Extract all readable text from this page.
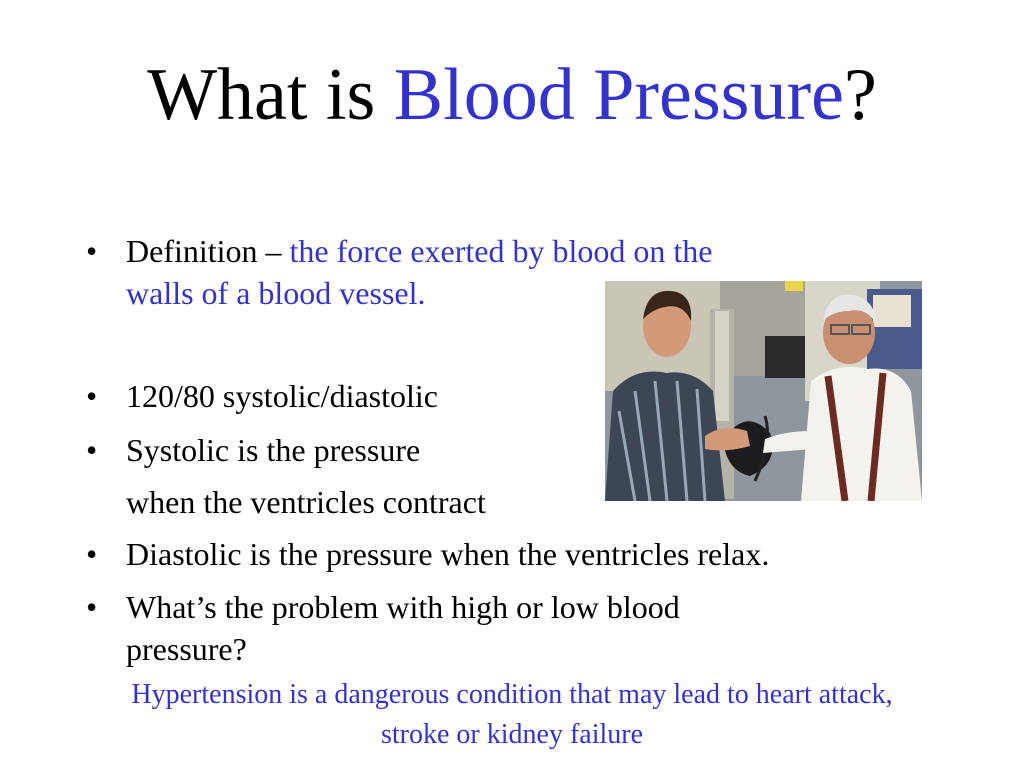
What is Blood Pressure?
• Definition – the force exerted by blood on the
walls of a blood vessel.
• 120/80 systolic/diastolic
• Systolic is the pressure
when the ventricles contract
• Diastolic is the pressure when the ventricles relax.
• What’s the problem with high or low blood
pressure?
Hypertension is a dangerous condition that may lead to heart attack,
stroke or kidney failure
